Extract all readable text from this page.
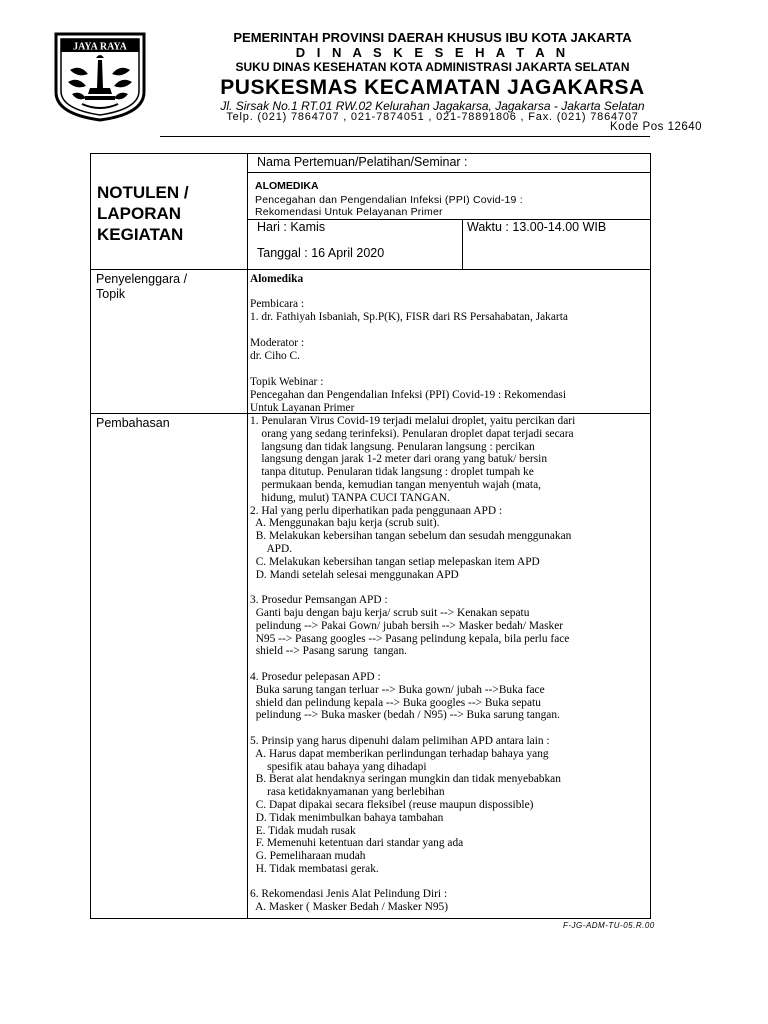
JAYA RAYA
PEMERINTAH PROVINSI DAERAH KHUSUS IBU KOTA JAKARTA
D I N A S K E S E H A T A N
SUKU DINAS KESEHATAN KOTA ADMINISTRASI JAKARTA SELATAN
PUSKESMAS KECAMATAN JAGAKARSA
Jl. Sirsak No.1 RT.01 RW.02 Kelurahan Jagakarsa, Jagakarsa - Jakarta Selatan
Telp. (021) 7864707 , 021-7874051 , 021-78891806 , Fax. (021) 7864707
Kode Pos 12640
NOTULEN /
LAPORAN
KEGIATAN
Penyelenggara /
Topik
Pembahasan
Nama Pertemuan/Pelatihan/Seminar :
ALOMEDIKA
Pencegahan dan Pengendalian Infeksi (PPI) Covid-19 :
Rekomendasi Untuk Pelayanan Primer
Hari : Kamis	Waktu : 13.00-14.00 WIB
Tanggal : 16 April 2020
Alomedika
Pembicara :
1. dr. Fathiyah Isbaniah, Sp.P(K), FISR dari RS Persahabatan, Jakarta
Moderator :
dr. Ciho C.
Topik Webinar :
Pencegahan dan Pengendalian Infeksi (PPI) Covid-19 : Rekomendasi
Untuk Layanan Primer
1. Penularan Virus Covid-19 terjadi melalui droplet, yaitu percikan dari
orang yang sedang terinfeksi). Penularan droplet dapat terjadi secara
langsung dan tidak langsung. Penularan langsung : percikan
langsung dengan jarak 1-2 meter dari orang yang batuk/ bersin
tanpa ditutup. Penularan tidak langsung : droplet tumpah ke
permukaan benda, kemudian tangan menyentuh wajah (mata,
hidung, mulut) TANPA CUCI TANGAN.
2. Hal yang perlu diperhatikan pada penggunaan APD :
A. Menggunakan baju kerja (scrub suit).
B. Melakukan kebersihan tangan sebelum dan sesudah menggunakan
APD.
C. Melakukan kebersihan tangan setiap melepaskan item APD
D. Mandi setelah selesai menggunakan APD

3. Prosedur Pemsangan APD :
Ganti baju dengan baju kerja/ scrub suit --> Kenakan sepatu
pelindung --> Pakai Gown/ jubah bersih --> Masker bedah/ Masker
N95 --> Pasang googles --> Pasang pelindung kepala, bila perlu face
shield --> Pasang sarung  tangan.

4. Prosedur pelepasan APD :
Buka sarung tangan terluar --> Buka gown/ jubah -->Buka face
shield dan pelindung kepala --> Buka googles --> Buka sepatu
pelindung --> Buka masker (bedah / N95) --> Buka sarung tangan.

5. Prinsip yang harus dipenuhi dalam pelimihan APD antara lain :
A. Harus dapat memberikan perlindungan terhadap bahaya yang
spesifik atau bahaya yang dihadapi
B. Berat alat hendaknya seringan mungkin dan tidak menyebabkan
rasa ketidaknyamanan yang berlebihan
C. Dapat dipakai secara fleksibel (reuse maupun dispossible)
D. Tidak menimbulkan bahaya tambahan
E. Tidak mudah rusak
F. Memenuhi ketentuan dari standar yang ada
G. Pemeliharaan mudah
H. Tidak membatasi gerak.

6. Rekomendasi Jenis Alat Pelindung Diri :
A. Masker ( Masker Bedah / Masker N95)
F-JG-ADM-TU-05.R.00
